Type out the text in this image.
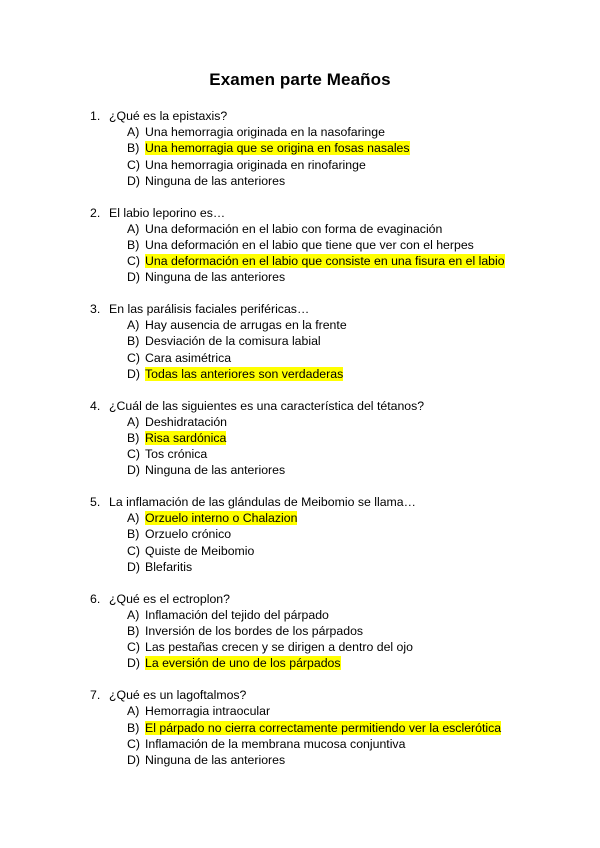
Examen parte Meaños
1. ¿Qué es la epistaxis?
A) Una hemorragia originada en la nasofaringe
B) Una hemorragia que se origina en fosas nasales
C) Una hemorragia originada en rinofaringe
D) Ninguna de las anteriores
2. El labio leporino es…
A) Una deformación en el labio con forma de evaginación
B) Una deformación en el labio que tiene que ver con el herpes
C) Una deformación en el labio que consiste en una fisura en el labio
D) Ninguna de las anteriores
3. En las parálisis faciales periféricas…
A) Hay ausencia de arrugas en la frente
B) Desviación de la comisura labial
C) Cara asimétrica
D) Todas las anteriores son verdaderas
4. ¿Cuál de las siguientes es una característica del tétanos?
A) Deshidratación
B) Risa sardónica
C) Tos crónica
D) Ninguna de las anteriores
5. La inflamación de las glándulas de Meibomio se llama…
A) Orzuelo interno o Chalazion
B) Orzuelo crónico
C) Quiste de Meibomio
D) Blefaritis
6. ¿Qué es el ectroplon?
A) Inflamación del tejido del párpado
B) Inversión de los bordes de los párpados
C) Las pestañas crecen y se dirigen a dentro del ojo
D) La eversión de uno de los párpados
7. ¿Qué es un lagoftalmos?
A) Hemorragia intraocular
B) El párpado no cierra correctamente permitiendo ver la esclerótica
C) Inflamación de la membrana mucosa conjuntiva
D) Ninguna de las anteriores
